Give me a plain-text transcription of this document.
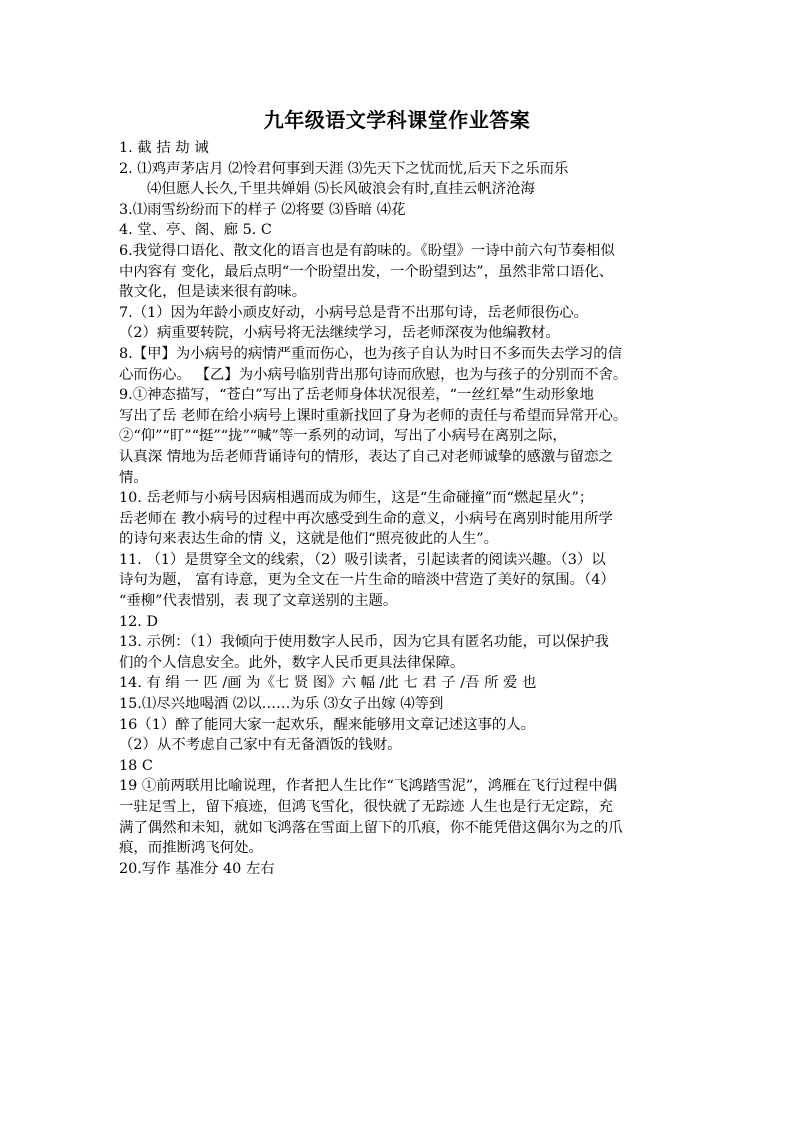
九年级语文学科课堂作业答案
1. 截 拮 劫 诫
2. ⑴鸡声茅店月 ⑵怜君何事到天涯 ⑶先天下之忧而忧,后天下之乐而乐
⑷但愿人长久,千里共婵娟 ⑸长风破浪会有时,直挂云帆济沧海
3.⑴雨雪纷纷而下的样子 ⑵将要 ⑶昏暗 ⑷花
4. 堂、亭、阁、廊 5. C
6.我觉得口语化、散文化的语言也是有韵味的。《盼望》一诗中前六句节奏相似
中内容有 变化，最后点明“一个盼望出发，一个盼望到达”，虽然非常口语化、
散文化，但是读来很有韵味。
7.（1）因为年龄小顽皮好动，小病号总是背不出那句诗，岳老师很伤心。
（2）病重要转院，小病号将无法继续学习，岳老师深夜为他编教材。
8.【甲】为小病号的病情严重而伤心，也为孩子自认为时日不多而失去学习的信
心而伤心。 【乙】为小病号临别背出那句诗而欣慰，也为与孩子的分别而不舍。
9.①神态描写，“苍白”写出了岳老师身体状况很差，“一丝红晕”生动形象地
写出了岳 老师在给小病号上课时重新找回了身为老师的责任与希望而异常开心。
②“仰”“盯”“挺”“拢”“喊”等一系列的动词，写出了小病号在离别之际，
认真深 情地为岳老师背诵诗句的情形，表达了自己对老师诚挚的感激与留恋之
情。
10. 岳老师与小病号因病相遇而成为师生，这是“生命碰撞”而“燃起星火”；
岳老师在 教小病号的过程中再次感受到生命的意义，小病号在离别时能用所学
的诗句来表达生命的情 义，这就是他们“照亮彼此的人生”。
11. （1）是贯穿全文的线索，（2）吸引读者，引起读者的阅读兴趣。（3）以
诗句为题， 富有诗意，更为全文在一片生命的暗淡中营造了美好的氛围。（4）
“垂柳”代表惜别，表 现了文章送别的主题。
12. D
13. 示例：（1）我倾向于使用数字人民币，因为它具有匿名功能，可以保护我
们的个人信息安全。此外，数字人民币更具法律保障。
14. 有 绢 一 匹 /画 为《七 贤 图》六 幅 /此 七 君 子 /吾 所 爱 也
15.⑴尽兴地喝酒 ⑵以……为乐 ⑶女子出嫁 ⑷等到
16（1）醉了能同大家一起欢乐，醒来能够用文章记述这事的人。
（2）从不考虑自己家中有无备酒饭的钱财。
18 C
19 ①前两联用比喻说理，作者把人生比作“飞鸿踏雪泥”，鸿雁在飞行过程中偶
一驻足雪上，留下痕迹，但鸿飞雪化，很快就了无踪迹 人生也是行无定踪，充
满了偶然和未知，就如飞鸿落在雪面上留下的爪痕，你不能凭借这偶尔为之的爪
痕，而推断鸿飞何处。
20.写作 基准分 40 左右
